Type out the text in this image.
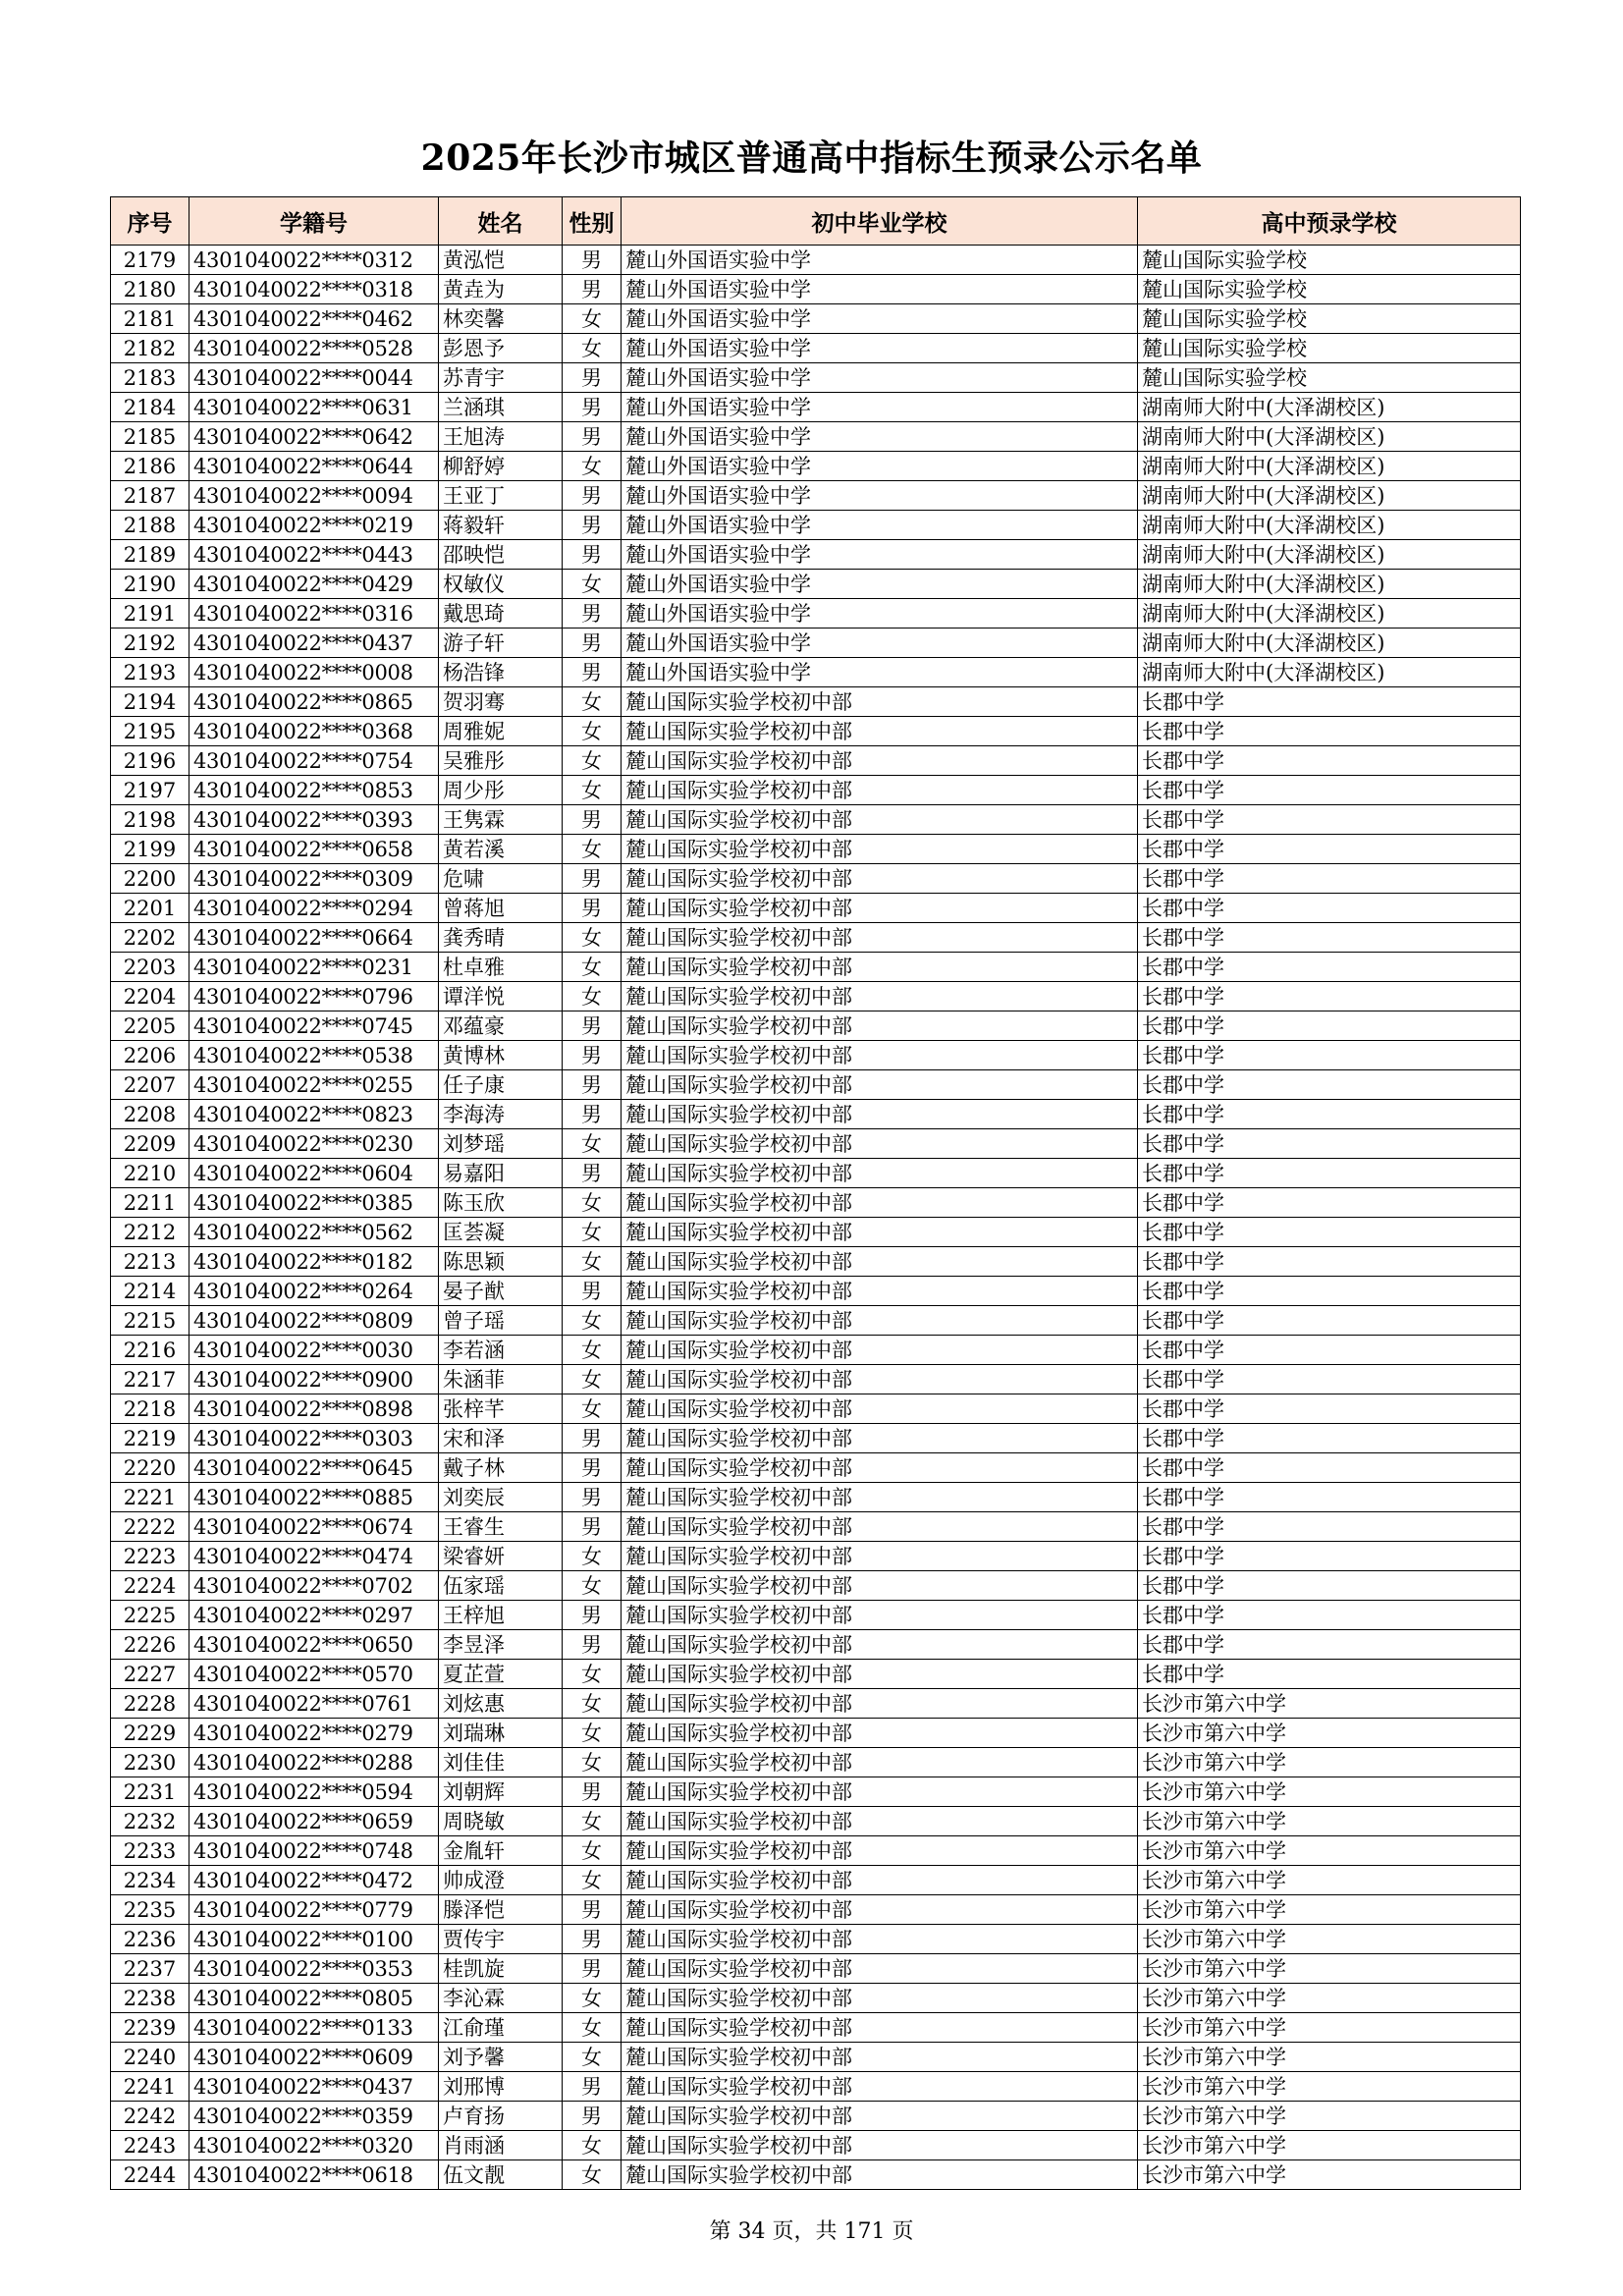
2025年长沙市城区普通高中指标生预录公示名单
序号	学籍号	姓名	性别	初中毕业学校	高中预录学校
2179	4301040022****0312	黄泓恺	男	麓山外国语实验中学	麓山国际实验学校
2180	4301040022****0318	黄垚为	男	麓山外国语实验中学	麓山国际实验学校
2181	4301040022****0462	林奕馨	女	麓山外国语实验中学	麓山国际实验学校
2182	4301040022****0528	彭恩予	女	麓山外国语实验中学	麓山国际实验学校
2183	4301040022****0044	苏青宇	男	麓山外国语实验中学	麓山国际实验学校
2184	4301040022****0631	兰涵琪	男	麓山外国语实验中学	湖南师大附中(大泽湖校区)
2185	4301040022****0642	王旭涛	男	麓山外国语实验中学	湖南师大附中(大泽湖校区)
2186	4301040022****0644	柳舒婷	女	麓山外国语实验中学	湖南师大附中(大泽湖校区)
2187	4301040022****0094	王亚丁	男	麓山外国语实验中学	湖南师大附中(大泽湖校区)
2188	4301040022****0219	蒋毅轩	男	麓山外国语实验中学	湖南师大附中(大泽湖校区)
2189	4301040022****0443	邵映恺	男	麓山外国语实验中学	湖南师大附中(大泽湖校区)
2190	4301040022****0429	权敏仪	女	麓山外国语实验中学	湖南师大附中(大泽湖校区)
2191	4301040022****0316	戴思琦	男	麓山外国语实验中学	湖南师大附中(大泽湖校区)
2192	4301040022****0437	游子轩	男	麓山外国语实验中学	湖南师大附中(大泽湖校区)
2193	4301040022****0008	杨浩锋	男	麓山外国语实验中学	湖南师大附中(大泽湖校区)
2194	4301040022****0865	贺羽骞	女	麓山国际实验学校初中部	长郡中学
2195	4301040022****0368	周雅妮	女	麓山国际实验学校初中部	长郡中学
2196	4301040022****0754	吴雅彤	女	麓山国际实验学校初中部	长郡中学
2197	4301040022****0853	周少彤	女	麓山国际实验学校初中部	长郡中学
2198	4301040022****0393	王隽霖	男	麓山国际实验学校初中部	长郡中学
2199	4301040022****0658	黄若溪	女	麓山国际实验学校初中部	长郡中学
2200	4301040022****0309	危啸	男	麓山国际实验学校初中部	长郡中学
2201	4301040022****0294	曾蒋旭	男	麓山国际实验学校初中部	长郡中学
2202	4301040022****0664	龚秀晴	女	麓山国际实验学校初中部	长郡中学
2203	4301040022****0231	杜卓雅	女	麓山国际实验学校初中部	长郡中学
2204	4301040022****0796	谭洋悦	女	麓山国际实验学校初中部	长郡中学
2205	4301040022****0745	邓蕴豪	男	麓山国际实验学校初中部	长郡中学
2206	4301040022****0538	黄博林	男	麓山国际实验学校初中部	长郡中学
2207	4301040022****0255	任子康	男	麓山国际实验学校初中部	长郡中学
2208	4301040022****0823	李海涛	男	麓山国际实验学校初中部	长郡中学
2209	4301040022****0230	刘梦瑶	女	麓山国际实验学校初中部	长郡中学
2210	4301040022****0604	易嘉阳	男	麓山国际实验学校初中部	长郡中学
2211	4301040022****0385	陈玉欣	女	麓山国际实验学校初中部	长郡中学
2212	4301040022****0562	匡荟凝	女	麓山国际实验学校初中部	长郡中学
2213	4301040022****0182	陈思颖	女	麓山国际实验学校初中部	长郡中学
2214	4301040022****0264	晏子猷	男	麓山国际实验学校初中部	长郡中学
2215	4301040022****0809	曾子瑶	女	麓山国际实验学校初中部	长郡中学
2216	4301040022****0030	李若涵	女	麓山国际实验学校初中部	长郡中学
2217	4301040022****0900	朱涵菲	女	麓山国际实验学校初中部	长郡中学
2218	4301040022****0898	张梓芊	女	麓山国际实验学校初中部	长郡中学
2219	4301040022****0303	宋和泽	男	麓山国际实验学校初中部	长郡中学
2220	4301040022****0645	戴子林	男	麓山国际实验学校初中部	长郡中学
2221	4301040022****0885	刘奕辰	男	麓山国际实验学校初中部	长郡中学
2222	4301040022****0674	王睿生	男	麓山国际实验学校初中部	长郡中学
2223	4301040022****0474	梁睿妍	女	麓山国际实验学校初中部	长郡中学
2224	4301040022****0702	伍家瑶	女	麓山国际实验学校初中部	长郡中学
2225	4301040022****0297	王梓旭	男	麓山国际实验学校初中部	长郡中学
2226	4301040022****0650	李昱泽	男	麓山国际实验学校初中部	长郡中学
2227	4301040022****0570	夏芷萱	女	麓山国际实验学校初中部	长郡中学
2228	4301040022****0761	刘炫惠	女	麓山国际实验学校初中部	长沙市第六中学
2229	4301040022****0279	刘瑞琳	女	麓山国际实验学校初中部	长沙市第六中学
2230	4301040022****0288	刘佳佳	女	麓山国际实验学校初中部	长沙市第六中学
2231	4301040022****0594	刘朝辉	男	麓山国际实验学校初中部	长沙市第六中学
2232	4301040022****0659	周晓敏	女	麓山国际实验学校初中部	长沙市第六中学
2233	4301040022****0748	金胤轩	女	麓山国际实验学校初中部	长沙市第六中学
2234	4301040022****0472	帅成澄	女	麓山国际实验学校初中部	长沙市第六中学
2235	4301040022****0779	滕泽恺	男	麓山国际实验学校初中部	长沙市第六中学
2236	4301040022****0100	贾传宇	男	麓山国际实验学校初中部	长沙市第六中学
2237	4301040022****0353	桂凯旋	男	麓山国际实验学校初中部	长沙市第六中学
2238	4301040022****0805	李沁霖	女	麓山国际实验学校初中部	长沙市第六中学
2239	4301040022****0133	江俞瑾	女	麓山国际实验学校初中部	长沙市第六中学
2240	4301040022****0609	刘予馨	女	麓山国际实验学校初中部	长沙市第六中学
2241	4301040022****0437	刘邢博	男	麓山国际实验学校初中部	长沙市第六中学
2242	4301040022****0359	卢育扬	男	麓山国际实验学校初中部	长沙市第六中学
2243	4301040022****0320	肖雨涵	女	麓山国际实验学校初中部	长沙市第六中学
2244	4301040022****0618	伍文靓	女	麓山国际实验学校初中部	长沙市第六中学
第 34 页，共 171 页
